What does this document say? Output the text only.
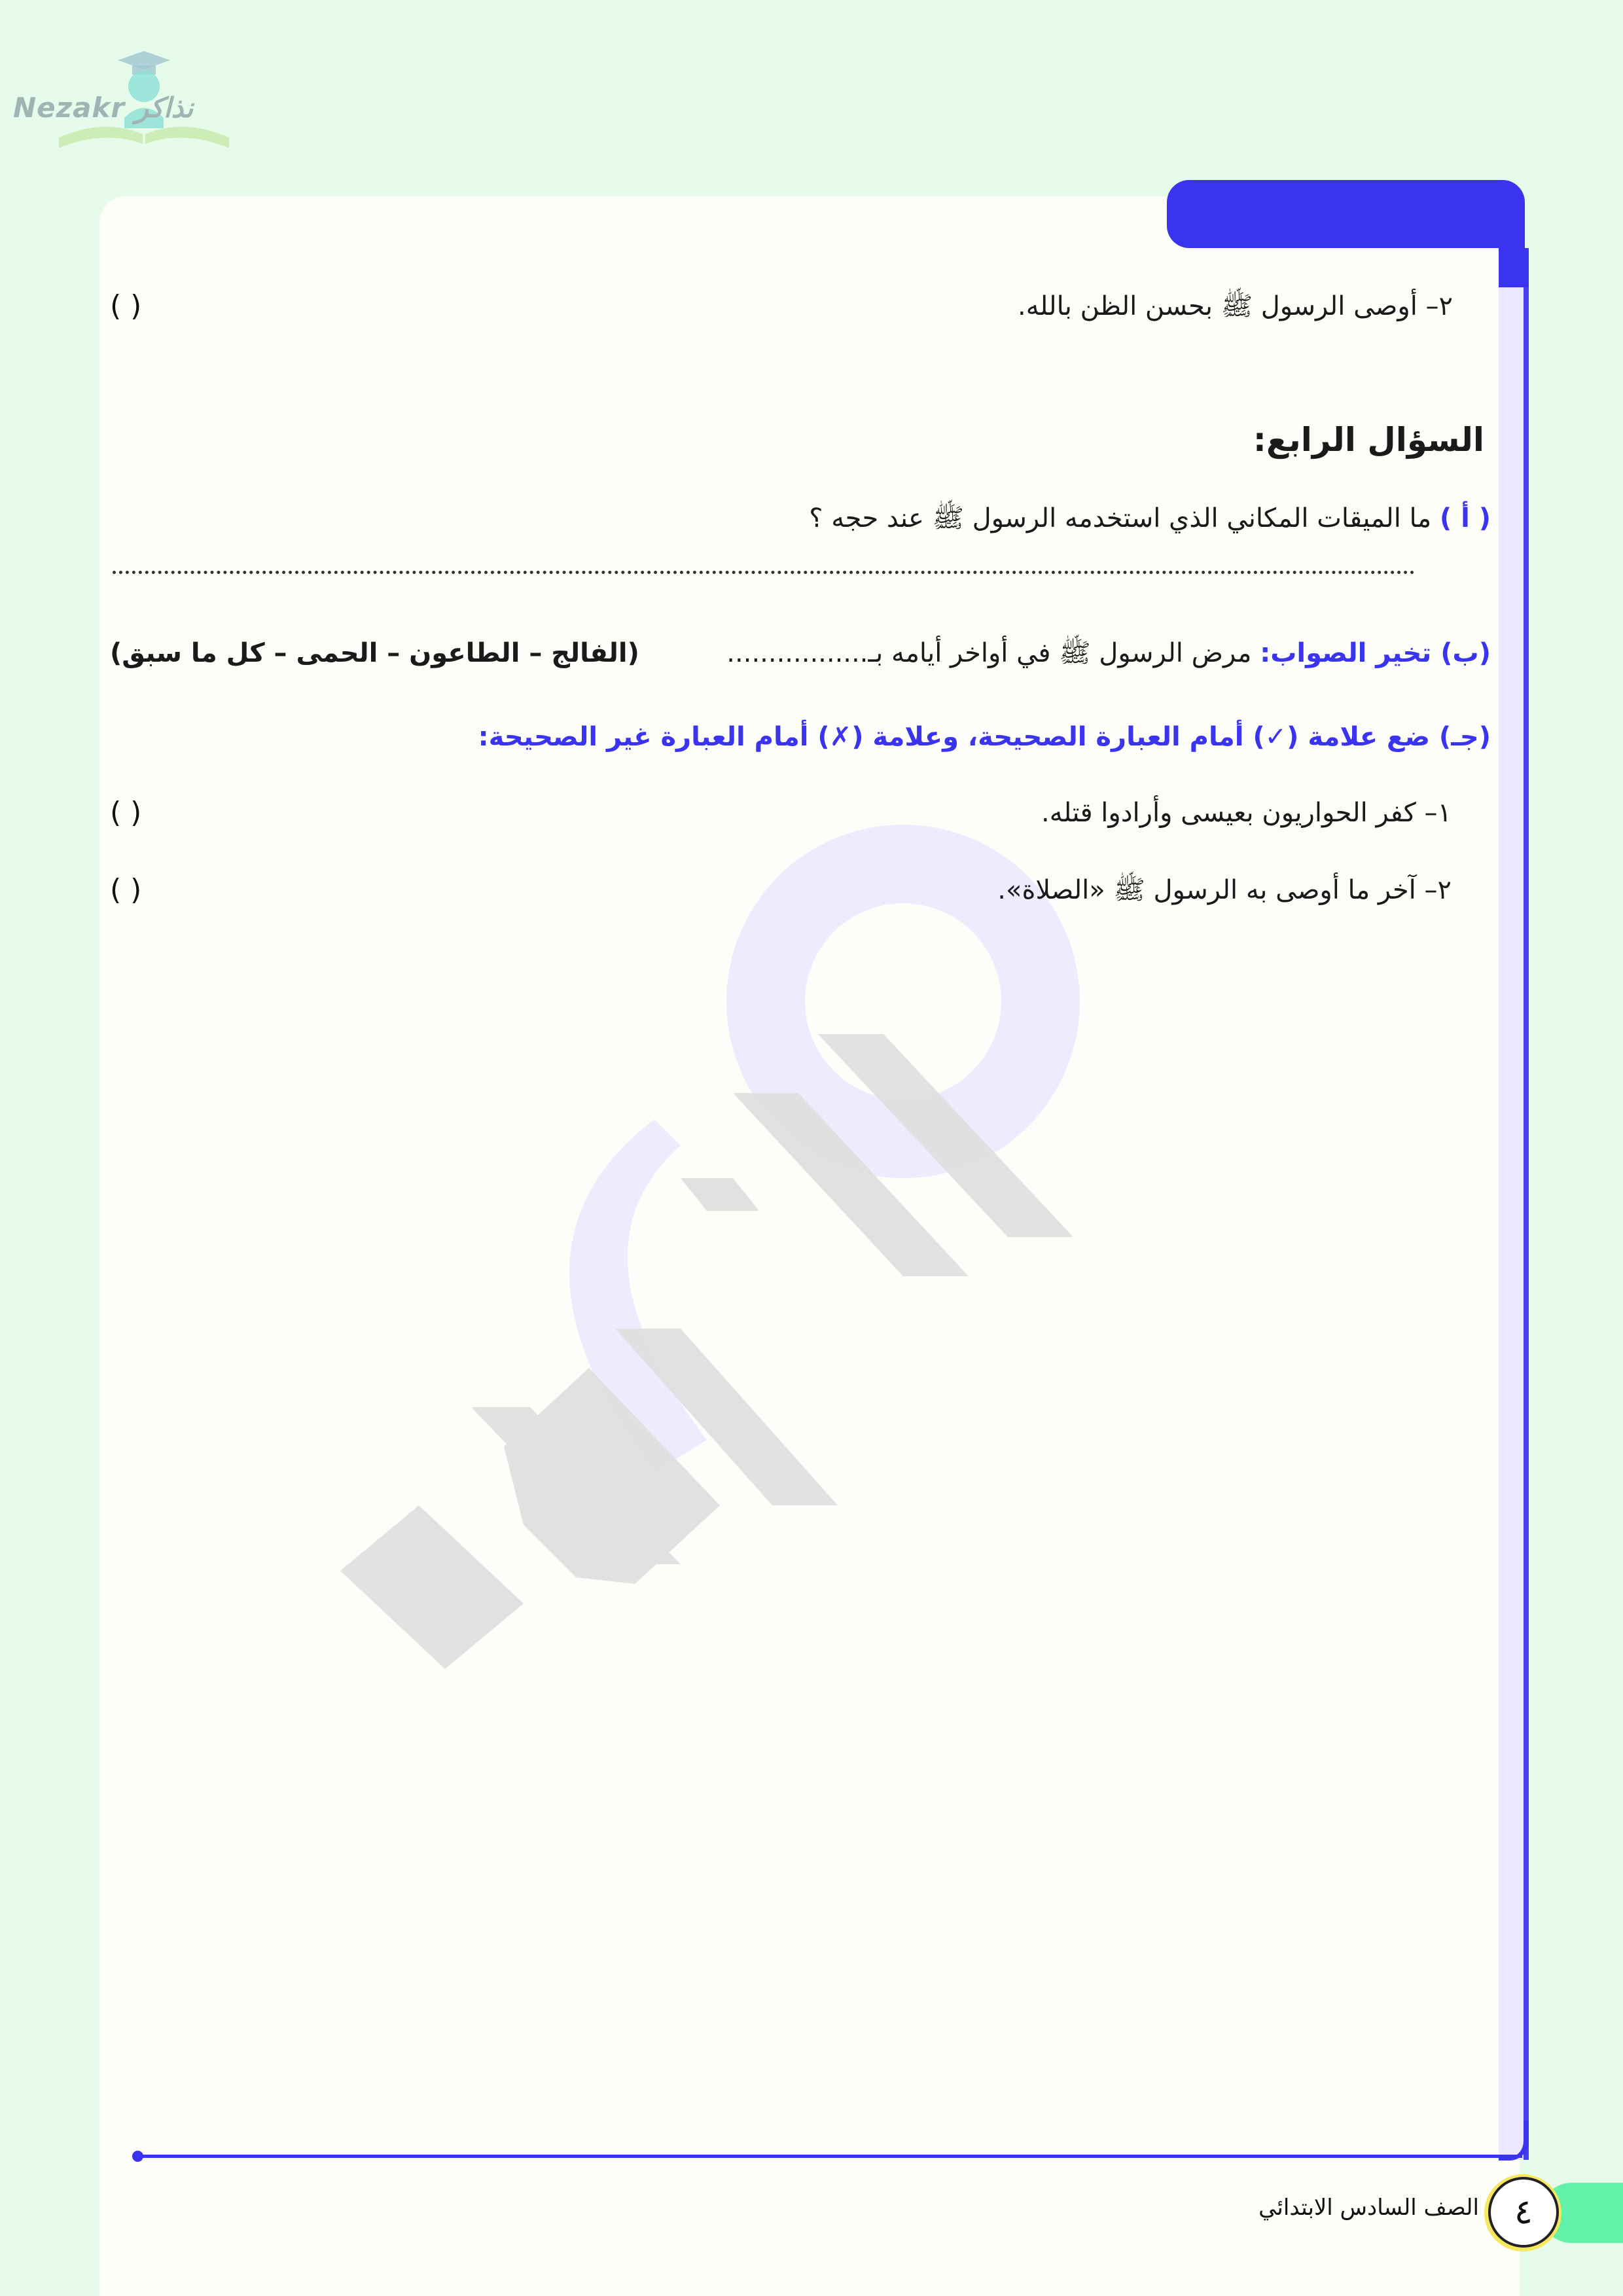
Nezakr نذاكر
٢– أوصى الرسول ﷺ بحسن الظن بالله.
( )
السؤال الرابع:
( أ ) ما الميقات المكاني الذي استخدمه الرسول ﷺ عند حجه ؟
(ب) تخير الصواب: مرض الرسول ﷺ في أواخر أيامه بـ.................
(الفالج – الطاعون – الحمى – كل ما سبق)
(جـ) ضع علامة (✓) أمام العبارة الصحيحة، وعلامة (✗) أمام العبارة غير الصحيحة:
١– كفر الحواريون بعيسى وأرادوا قتله.
( )
٢– آخر ما أوصى به الرسول ﷺ «الصلاة».
( )
٤
الصف السادس الابتدائي
